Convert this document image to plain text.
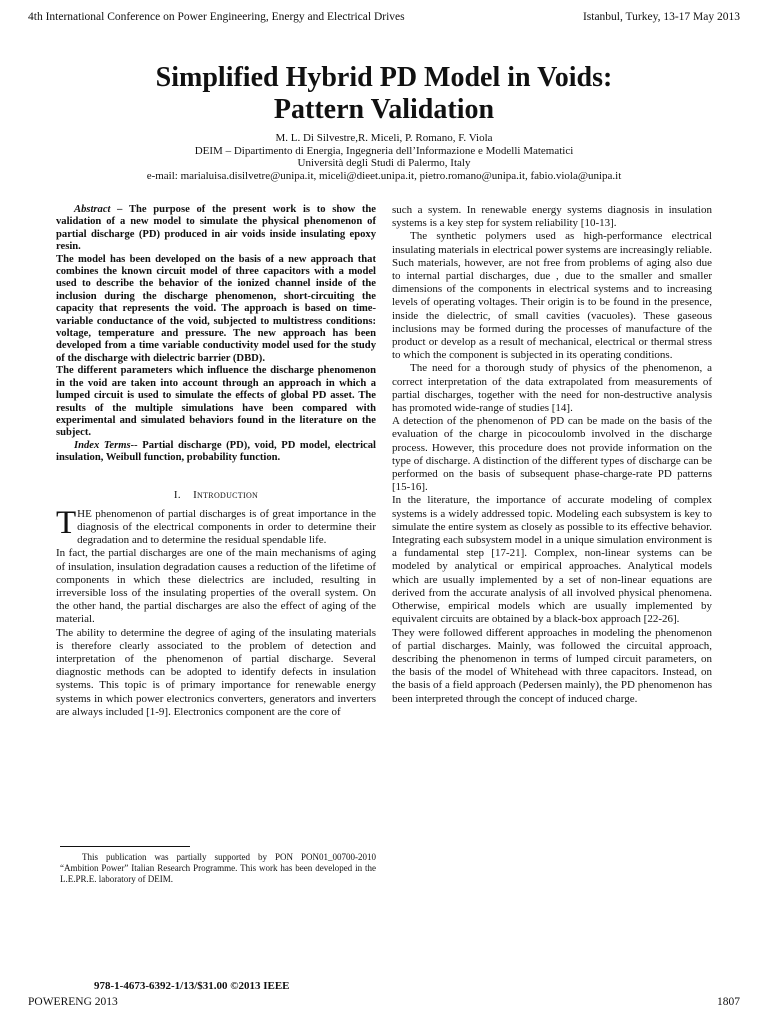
4th International Conference on Power Engineering, Energy and Electrical Drives	Istanbul, Turkey, 13-17 May 2013
Simplified Hybrid PD Model in Voids:
Pattern Validation
M. L. Di Silvestre,R. Miceli, P. Romano, F. Viola
DEIM – Dipartimento di Energia, Ingegneria dell’Informazione e Modelli Matematici
Università degli Studi di Palermo, Italy
e-mail: marialuisa.disilvetre@unipa.it, miceli@dieet.unipa.it, pietro.romano@unipa.it, fabio.viola@unipa.it

Abstract – The purpose of the present work is to show the validation of a new model to simulate the physical phenomenon of partial discharge (PD) produced in air voids inside insulating epoxy resin.

The model has been developed on the basis of a new approach that combines the known circuit model of three capacitors with a model used to describe the behavior of the ionized channel inside of the inclusion during the discharge phenomenon, short-circuiting the capacity that represents the void. The approach is based on time-variable conductance of the void, subjected to multistress conditions: voltage, temperature and pressure. The new approach has been developed from a time variable conductivity model used for the study of the discharge with dielectric barrier (DBD).

The different parameters which influence the discharge phenomenon in the void are taken into account through an approach in which a lumped circuit is used to simulate the effects of global PD asset. The results of the multiple simulations have been compared with experimental and simulated behaviors found in the literature on the subject.

Index Terms-- Partial discharge (PD), void, PD model, electrical insulation, Weibull function, probability function.

I. Introduction

T HE phenomenon of partial discharges is of great importance in the diagnosis of the electrical components in order to determine their degradation and to determine the residual spendable life.

In fact, the partial discharges are one of the main mechanisms of aging of insulation, insulation degradation causes a reduction of the lifetime of components in which these dielectrics are included, resulting in irreversible loss of the insulating properties of the overall system. On the other hand, the partial discharges are also the effect of aging of the material.

The ability to determine the degree of aging of the insulating materials is therefore clearly associated to the problem of detection and interpretation of the phenomenon of partial discharge. Several diagnostic methods can be adopted to identify defects in insulation systems. This topic is of primary importance for renewable energy systems in which power electronics converters, generators and inverters are always included [1-9]. Electronics component are the core of

such a system. In renewable energy systems diagnosis in insulation systems is a key step for system reliability [10-13].

The synthetic polymers used as high-performance electrical insulating materials in electrical power systems are increasingly reliable. Such materials, however, are not free from problems of aging also due to internal partial discharges, due , due to the smaller and smaller dimensions of the components in electrical systems and to increasing levels of operating voltages. Their origin is to be found in the presence, inside the dielectric, of small cavities (vacuoles). These gaseous inclusions may be formed during the processes of manufacture of the product or develop as a result of mechanical, electrical or thermal stress to which the component is subjected in its operating conditions.

The need for a thorough study of physics of the phenomenon, a correct interpretation of the data extrapolated from measurements of partial discharges, together with the need for non-destructive analysis has promoted wide-range of studies [14].

A detection of the phenomenon of PD can be made on the basis of the evaluation of the charge in picocoulomb involved in the discharge process. However, this procedure does not provide information on the type of discharge. A distinction of the different types of discharge can be performed on the basis of subsequent phase-charge-rate PD patterns [15-16].

In the literature, the importance of accurate modeling of complex systems is a widely addressed topic. Modeling each subsystem is key to simulate the entire system as closely as possible to its effective behavior. Integrating each subsystem model in a unique simulation environment is a fundamental step [17-21]. Complex, non-linear systems can be modeled by analytical or empirical approaches. Analytical models which are usually implemented by a set of non-linear equations are derived from the accurate analysis of all involved physical phenomena. Otherwise, empirical models which are usually implemented by equivalent circuits are obtained by a black-box approach [22-26].

They were followed different approaches in modeling the phenomenon of partial discharges. Mainly, was followed the circuital approach, describing the phenomenon in terms of lumped circuit parameters, on the basis of the model of Whitehead with three capacitors. Instead, on the basis of a field approach (Pedersen mainly), the PD phenomenon has been interpreted through the concept of induced charge.

This publication was partially supported by PON PON01_00700-2010 “Ambition Power” Italian Research Programme. This work has been developed in the L.E.PR.E. laboratory of DEIM.
978-1-4673-6392-1/13/$31.00 ©2013 IEEE
POWERENG 2013	1807
